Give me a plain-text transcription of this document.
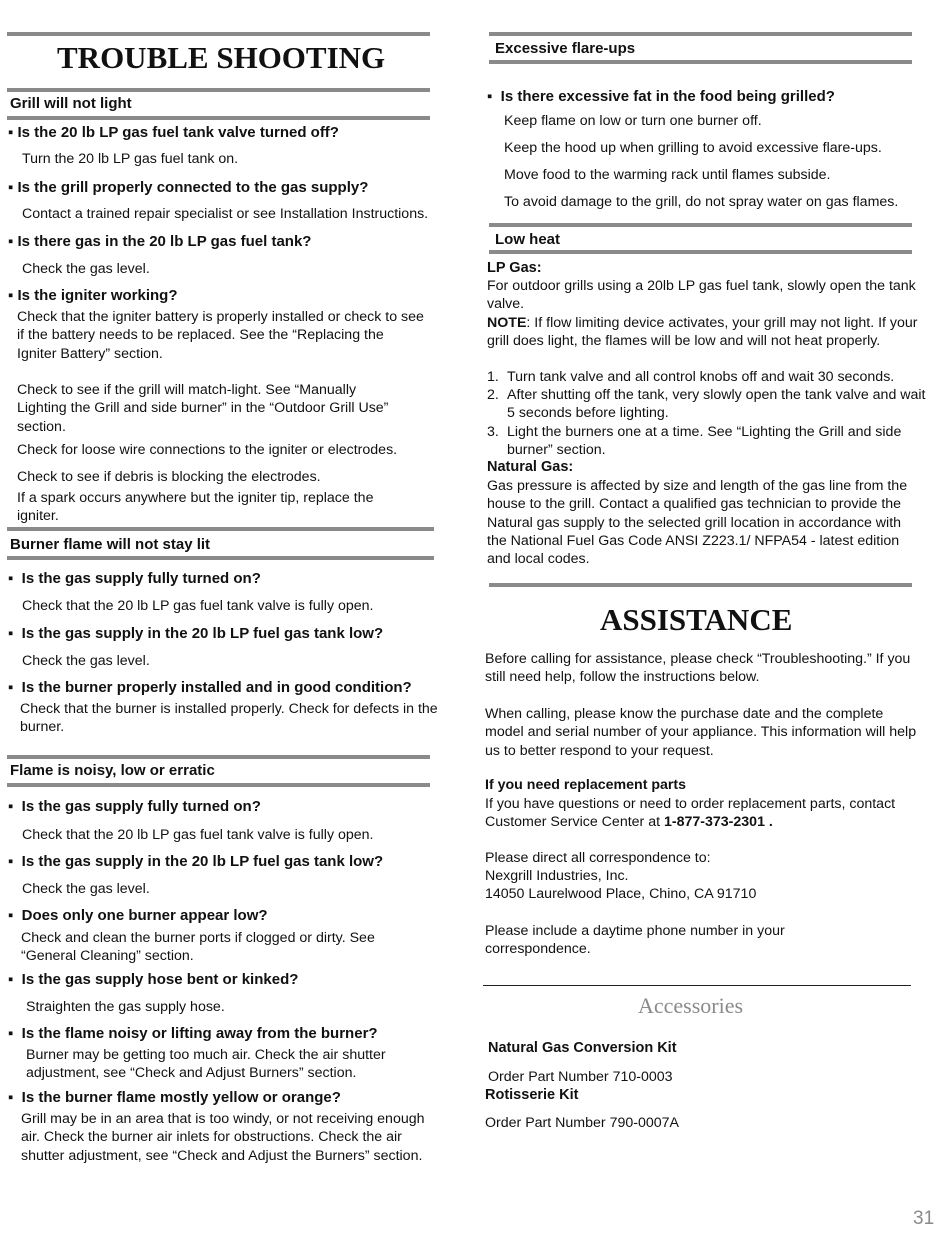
TROUBLE SHOOTING
Grill will not light
▪ Is the 20 lb LP gas fuel tank valve turned off?
Turn the 20 lb LP gas fuel tank on.
▪ Is the grill properly connected to the gas supply?
Contact a trained repair specialist or see Installation Instructions.
▪ Is there gas in the 20 lb LP gas fuel tank?
Check the gas level.
▪ Is the igniter working?
Check that the igniter battery is properly installed or check to see if the battery needs to be replaced. See the “Replacing the Igniter Battery” section.
Check to see if the grill will match-light. See “Manually Lighting the Grill and side burner” in the “Outdoor Grill Use” section.
Check for loose wire connections to the igniter or electrodes.
Check to see if debris is blocking the electrodes.
If a spark occurs anywhere but the igniter tip, replace the igniter.
Burner flame will not stay lit
▪ Is the gas supply fully turned on?
Check that the 20 lb LP gas fuel tank valve is fully open.
▪ Is the gas supply in the 20 lb LP fuel gas tank low?
Check the gas level.
▪ Is the burner properly installed and in good condition?
Check that the burner is installed properly. Check for defects in the burner.
Flame is noisy, low or erratic
▪ Is the gas supply fully turned on?
Check that the 20 lb LP gas fuel tank valve is fully open.
▪ Is the gas supply in the 20 lb LP fuel gas tank low?
Check the gas level.
▪ Does only one burner appear low?
Check and clean the burner ports if clogged or dirty. See “General Cleaning” section.
▪ Is the gas supply hose bent or kinked?
Straighten the gas supply hose.
▪ Is the flame noisy or lifting away from the burner?
Burner may be getting too much air. Check the air shutter adjustment, see “Check and Adjust Burners” section.
▪ Is the burner flame mostly yellow or orange?
Grill may be in an area that is too windy, or not receiving enough air. Check the burner air inlets for obstructions. Check the air shutter adjustment, see “Check and Adjust the Burners” section.
Excessive flare-ups
▪ Is there excessive fat in the food being grilled?
Keep flame on low or turn one burner off.
Keep the hood up when grilling to avoid excessive flare-ups.
Move food to the warming rack until flames subside.
To avoid damage to the grill, do not spray water on gas flames.
Low heat
LP Gas:
For outdoor grills using a 20lb LP gas fuel tank, slowly open the tank valve.
NOTE: If flow limiting device activates, your grill may not light. If your grill does light, the flames will be low and will not heat properly.
1. Turn tank valve and all control knobs off and wait 30 seconds.
2. After shutting off the tank, very slowly open the tank valve and wait 5 seconds before lighting.
3. Light the burners one at a time. See “Lighting the Grill and side burner” section.
Natural Gas:
Gas pressure is affected by size and length of the gas line from the house to the grill. Contact a qualified gas technician to provide the Natural gas supply to the selected grill location in accordance with the National Fuel Gas Code ANSI Z223.1/ NFPA54 - latest edition and local codes.
ASSISTANCE
Before calling for assistance, please check “Troubleshooting.” If you still need help, follow the instructions below.
When calling, please know the purchase date and the complete model and serial number of your appliance. This information will help us to better respond to your request.
If you need replacement parts
If you have questions or need to order replacement parts, contact Customer Service Center at 1-877-373-2301 .
Please direct all correspondence to:
Nexgrill Industries, Inc.
14050 Laurelwood Place, Chino, CA 91710
Please include a daytime phone number in your correspondence.
Accessories
Natural Gas Conversion Kit
Order Part Number 710-0003
Rotisserie Kit
Order Part Number 790-0007A
31
